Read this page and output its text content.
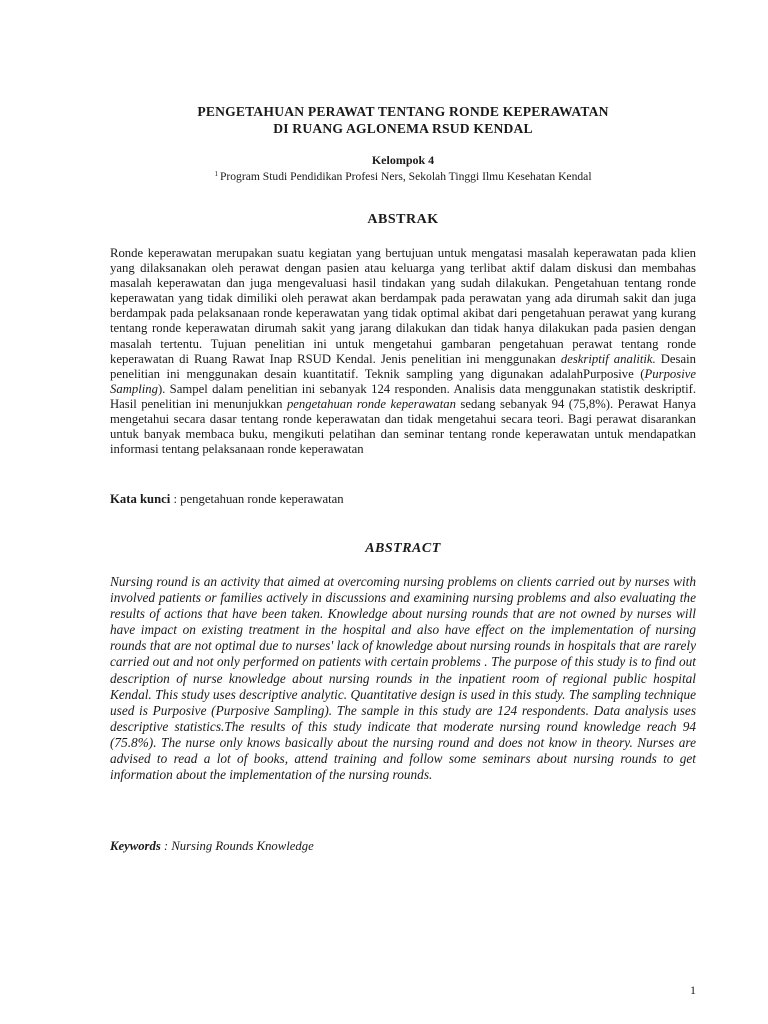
PENGETAHUAN PERAWAT TENTANG RONDE KEPERAWATAN
DI RUANG AGLONEMA RSUD KENDAL
Kelompok 4
$^1$ Program Studi Pendidikan Profesi Ners, Sekolah Tinggi Ilmu Kesehatan Kendal
ABSTRAK
Ronde keperawatan merupakan suatu kegiatan yang bertujuan untuk mengatasi masalah keperawatan pada klien yang dilaksanakan oleh perawat dengan pasien atau keluarga yang terlibat aktif dalam diskusi dan membahas masalah keperawatan dan juga mengevaluasi hasil tindakan yang sudah dilakukan. Pengetahuan tentang ronde keperawatan yang tidak dimiliki oleh perawat akan berdampak pada perawatan yang ada dirumah sakit dan juga berdampak pada pelaksanaan ronde keperawatan yang tidak optimal akibat dari pengetahuan perawat yang kurang tentang ronde keperawatan dirumah sakit yang jarang dilakukan dan tidak hanya dilakukan pada pasien dengan masalah tertentu. Tujuan penelitian ini untuk mengetahui gambaran pengetahuan perawat tentang ronde keperawatan di Ruang Rawat Inap RSUD Kendal. Jenis penelitian ini menggunakan deskriptif analitik. Desain penelitian ini menggunakan desain kuantitatif. Teknik sampling yang digunakan adalahPurposive (Purposive Sampling). Sampel dalam penelitian ini sebanyak 124 responden. Analisis data menggunakan statistik deskriptif. Hasil penelitian ini menunjukkan pengetahuan ronde keperawatan sedang sebanyak 94 (75,8%). Perawat Hanya mengetahui secara dasar tentang ronde keperawatan dan tidak mengetahui secara teori. Bagi perawat disarankan untuk banyak membaca buku, mengikuti pelatihan dan seminar tentang ronde keperawatan untuk mendapatkan informasi tentang pelaksanaan ronde keperawatan
Kata kunci : pengetahuan ronde keperawatan
ABSTRACT
Nursing round is an activity that aimed at overcoming nursing problems on clients carried out by nurses with involved patients or families actively in discussions and examining nursing problems and also evaluating the results of actions that have been taken. Knowledge about nursing rounds that are not owned by nurses will have impact on existing treatment in the hospital and also have effect on the implementation of nursing rounds that are not optimal due to nurses' lack of knowledge about nursing rounds in hospitals that are rarely carried out and not only performed on patients with certain problems . The purpose of this study is to find out description of nurse knowledge about nursing rounds in the inpatient room of regional public hospital Kendal. This study uses descriptive analytic. Quantitative design is used in this study. The sampling technique used is Purposive (Purposive Sampling). The sample in this study are 124 respondents. Data analysis uses descriptive statistics.The results of this study indicate that moderate nursing round knowledge reach 94 (75.8%). The nurse only knows basically about the nursing round and does not know in theory. Nurses are advised to read a lot of books, attend training and follow some seminars about nursing rounds to get information about the implementation of the nursing rounds.
Keywords : Nursing Rounds Knowledge
1
